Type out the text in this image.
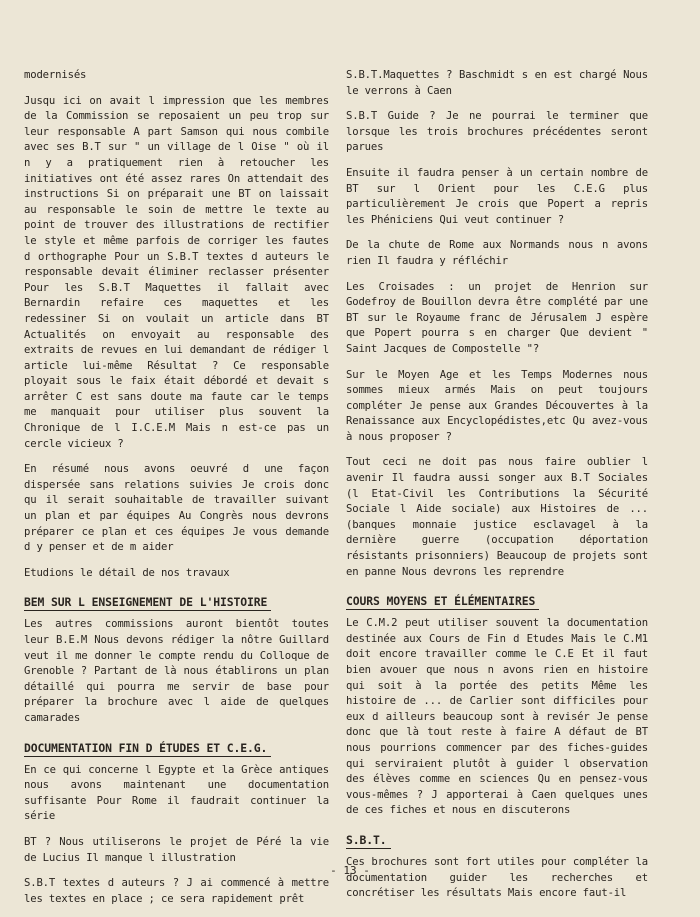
modernisés
Jusqu ici on avait l impression que les membres de la Commission se reposaient un peu trop sur leur responsable A part Samson qui nous combile avec ses B.T sur " un village de l Oise " où il n y a pratiquement rien à retoucher les initiatives ont été assez rares On attendait des instructions Si on préparait une BT on laissait au responsable le soin de mettre le texte au point de trouver des illustrations de rectifier le style et même parfois de corriger les fautes d orthographe Pour un S.B.T textes d auteurs le responsable devait éliminer reclasser présenter Pour les S.B.T Maquettes il fallait avec Bernardin refaire ces maquettes et les redessiner Si on voulait un article dans BT Actualités on envoyait au responsable des extraits de revues en lui demandant de rédiger l article lui-même Résultat ? Ce responsable ployait sous le faix était débordé et devait s arrêter C est sans doute ma faute car le temps me manquait pour utiliser plus souvent la Chronique de l I.C.E.M Mais n est-ce pas un cercle vicieux ?
En résumé nous avons oeuvré d une façon dispersée sans relations suivies Je crois donc qu il serait souhaitable de travailler suivant un plan et par équipes Au Congrès nous devrons préparer ce plan et ces équipes Je vous demande d y penser et de m aider
Etudions le détail de nos travaux
BEM SUR L ENSEIGNEMENT DE L'HISTOIRE
Les autres commissions auront bientôt toutes leur B.E.M Nous devons rédiger la nôtre Guillard veut il me donner le compte rendu du Colloque de Grenoble ? Partant de là nous établirons un plan détaillé qui pourra me servir de base pour préparer la brochure avec l aide de quelques camarades
DOCUMENTATION FIN D ÉTUDES ET C.E.G.
En ce qui concerne l Egypte et la Grèce antiques nous avons maintenant une documentation suffisante Pour Rome il faudrait continuer la série
BT ? Nous utiliserons le projet de Péré la vie de Lucius Il manque l illustration
S.B.T textes d auteurs ? J ai commencé à mettre les textes en place ; ce sera rapidement prêt
S.B.T.Maquettes ? Baschmidt s en est chargé Nous le verrons à Caen
S.B.T Guide ? Je ne pourrai le terminer que lorsque les trois brochures précédentes seront parues
Ensuite il faudra penser à un certain nombre de BT sur l Orient pour les C.E.G plus particulièrement Je crois que Popert a repris les Phéniciens Qui veut continuer ?
De la chute de Rome aux Normands nous n avons rien Il faudra y réfléchir
Les Croisades : un projet de Henrion sur Godefroy de Bouillon devra être complété par une BT sur le Royaume franc de Jérusalem J espère que Popert pourra s en charger Que devient " Saint Jacques de Compostelle "?
Sur le Moyen Age et les Temps Modernes nous sommes mieux armés Mais on peut toujours compléter Je pense aux Grandes Découvertes à la Renaissance aux Encyclopédistes,etc Qu avez-vous à nous proposer ?
Tout ceci ne doit pas nous faire oublier l avenir Il faudra aussi songer aux B.T Sociales (l Etat-Civil les Contributions la Sécurité Sociale l Aide sociale) aux Histoires de ... (banques monnaie justice esclavagel à la dernière guerre (occupation déportation résistants prisonniers) Beaucoup de projets sont en panne Nous devrons les reprendre
COURS MOYENS ET ÉLÉMENTAIRES
Le C.M.2 peut utiliser souvent la documentation destinée aux Cours de Fin d Etudes Mais le C.M1 doit encore travailler comme le C.E Et il faut bien avouer que nous n avons rien en histoire qui soit à la portée des petits Même les histoire de ... de Carlier sont difficiles pour eux d ailleurs beaucoup sont à revisér Je pense donc que là tout reste à faire A défaut de BT nous pourrions commencer par des fiches-guides qui serviraient plutôt à guider l observation des élèves comme en sciences Qu en pensez-vous vous-mêmes ? J apporterai à Caen quelques unes de ces fiches et nous en discuterons
S.B.T.
Ces brochures sont fort utiles pour compléter la documentation guider les recherches et concrétiser les résultats Mais encore faut-il
- 13 -
